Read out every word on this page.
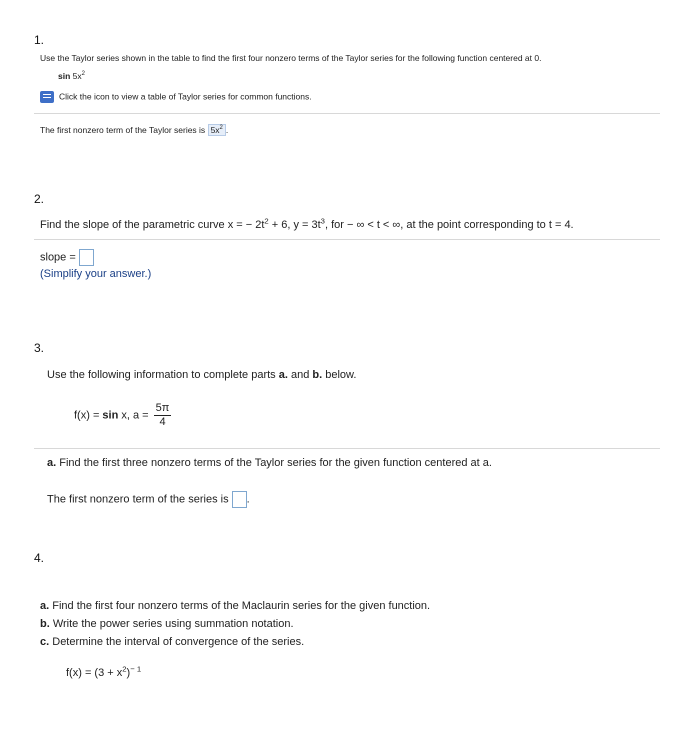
1.
Use the Taylor series shown in the table to find the first four nonzero terms of the Taylor series for the following function centered at 0.
$\sin 5x^2$
Click the icon to view a table of Taylor series for common functions.
The first nonzero term of the Taylor series is $5x^2$ .
2.
Find the slope of the parametric curve x = − $2t^2 + 6$, $y = 3t^3$, for − ∞ < t < ∞, at the point corresponding to t = 4.
slope =
(Simplify your answer.)
3.
Use the following information to complete parts a. and b. below.
f(x) = sin x, $a = \frac{5\pi}{4}$
a. Find the first three nonzero terms of the Taylor series for the given function centered at a.
The first nonzero term of the series is .
4.
a. Find the first four nonzero terms of the Maclaurin series for the given function.
b. Write the power series using summation notation.
c. Determine the interval of convergence of the series.
$f(x) = (3 + x^2)^{- 1}$
